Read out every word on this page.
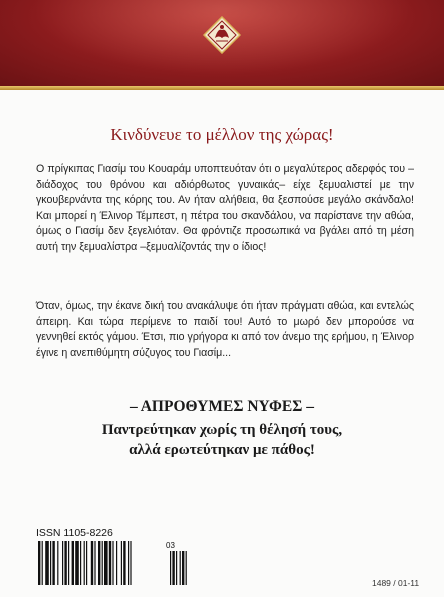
Κινδύνευε το μέλλον της χώρας!

Ο πρίγκιπας Γιασίμ του Κουαράμ υποπτευόταν ότι ο μεγαλύτερος αδερφός του –διάδοχος του θρόνου και αδιόρθωτος γυναικάς– είχε ξεμυαλιστεί με την γκουβερνάντα της κόρης του. Αν ήταν αλήθεια, θα ξεσπούσε μεγάλο σκάνδαλο! Και μπορεί η Έλινορ Τέμπεστ, η πέτρα του σκανδάλου, να παρίστανε την αθώα, όμως ο Γιασίμ δεν ξεγελιόταν. Θα φρόντιζε προσωπικά να βγάλει από τη μέση αυτή την ξεμυαλίστρα –ξεμυαλίζοντάς την ο ίδιος!

Όταν, όμως, την έκανε δική του ανακάλυψε ότι ήταν πράγματι αθώα, και εντελώς άπειρη. Και τώρα περίμενε το παιδί του! Αυτό το μωρό δεν μπορούσε να γεννηθεί εκτός γάμου. Έτσι, πιο γρήγορα κι από τον άνεμο της ερήμου, η Έλινορ έγινε η ανεπιθύμητη σύζυγος του Γιασίμ...

– ΑΠΡΟΘΥΜΕΣ ΝΥΦΕΣ –

Παντρεύτηκαν χωρίς τη θέλησή τους,
αλλά ερωτεύτηκαν με πάθος!
ISSN 1105-8226
03
1489 / 01-11
